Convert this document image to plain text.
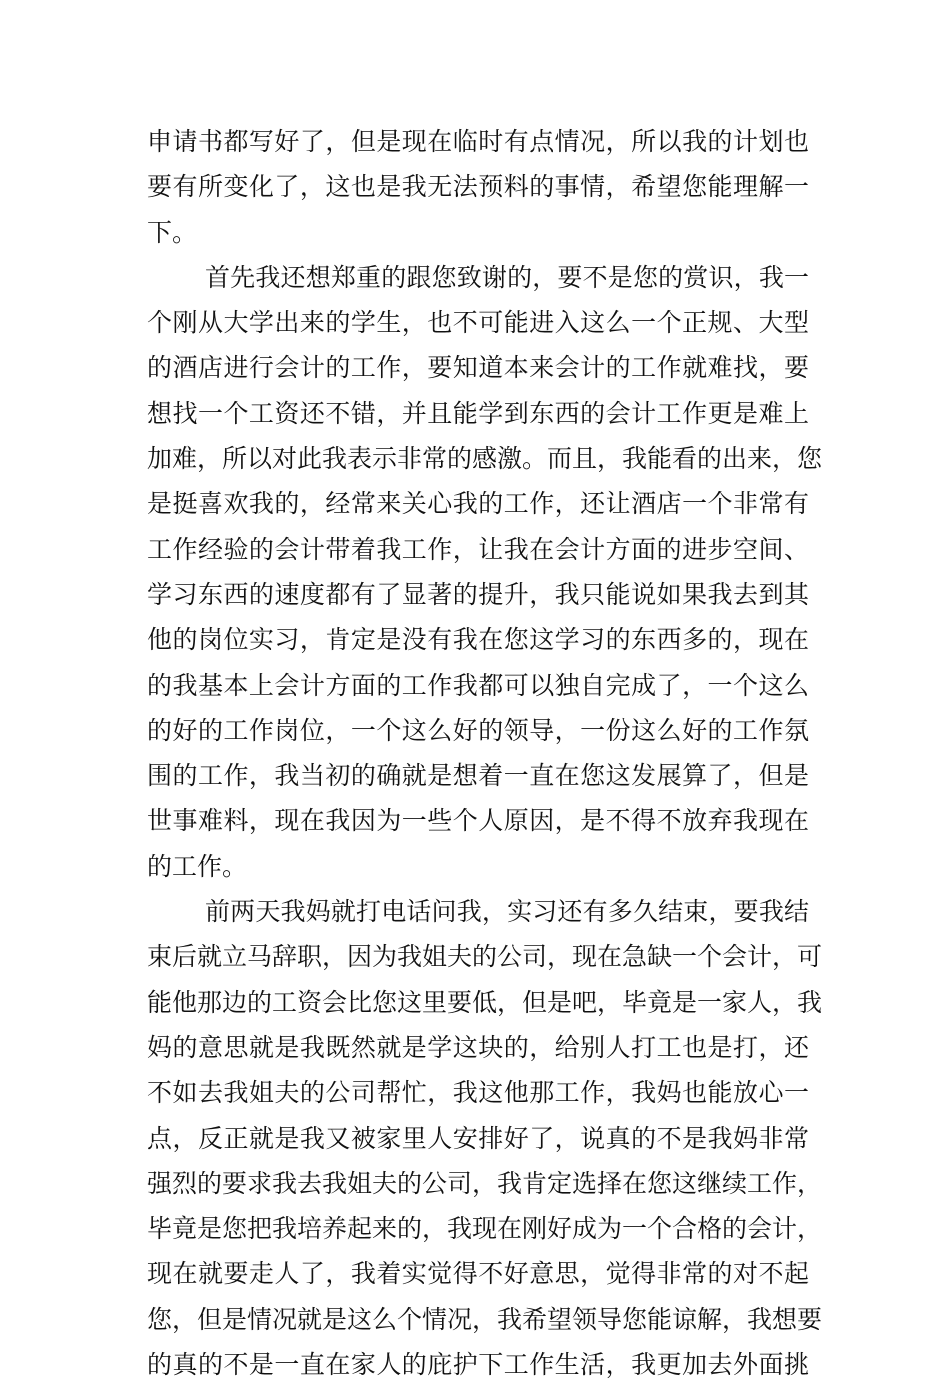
申请书都写好了，但是现在临时有点情况，所以我的计划也
要有所变化了，这也是我无法预料的事情，希望您能理解一
下。
首先我还想郑重的跟您致谢的，要不是您的赏识，我一
个刚从大学出来的学生，也不可能进入这么一个正规、大型
的酒店进行会计的工作，要知道本来会计的工作就难找，要
想找一个工资还不错，并且能学到东西的会计工作更是难上
加难，所以对此我表示非常的感激。而且，我能看的出来，您
是挺喜欢我的，经常来关心我的工作，还让酒店一个非常有
工作经验的会计带着我工作，让我在会计方面的进步空间、
学习东西的速度都有了显著的提升，我只能说如果我去到其
他的岗位实习，肯定是没有我在您这学习的东西多的，现在
的我基本上会计方面的工作我都可以独自完成了，一个这么
的好的工作岗位，一个这么好的领导，一份这么好的工作氛
围的工作，我当初的确就是想着一直在您这发展算了，但是
世事难料，现在我因为一些个人原因，是不得不放弃我现在
的工作。
前两天我妈就打电话问我，实习还有多久结束，要我结
束后就立马辞职，因为我姐夫的公司，现在急缺一个会计，可
能他那边的工资会比您这里要低，但是吧，毕竟是一家人，我
妈的意思就是我既然就是学这块的，给别人打工也是打，还
不如去我姐夫的公司帮忙，我这他那工作，我妈也能放心一
点，反正就是我又被家里人安排好了，说真的不是我妈非常
强烈的要求我去我姐夫的公司，我肯定选择在您这继续工作，
毕竟是您把我培养起来的，我现在刚好成为一个合格的会计，
现在就要走人了，我着实觉得不好意思，觉得非常的对不起
您，但是情况就是这么个情况，我希望领导您能谅解，我想要
的真的不是一直在家人的庇护下工作生活，我更加去外面挑
